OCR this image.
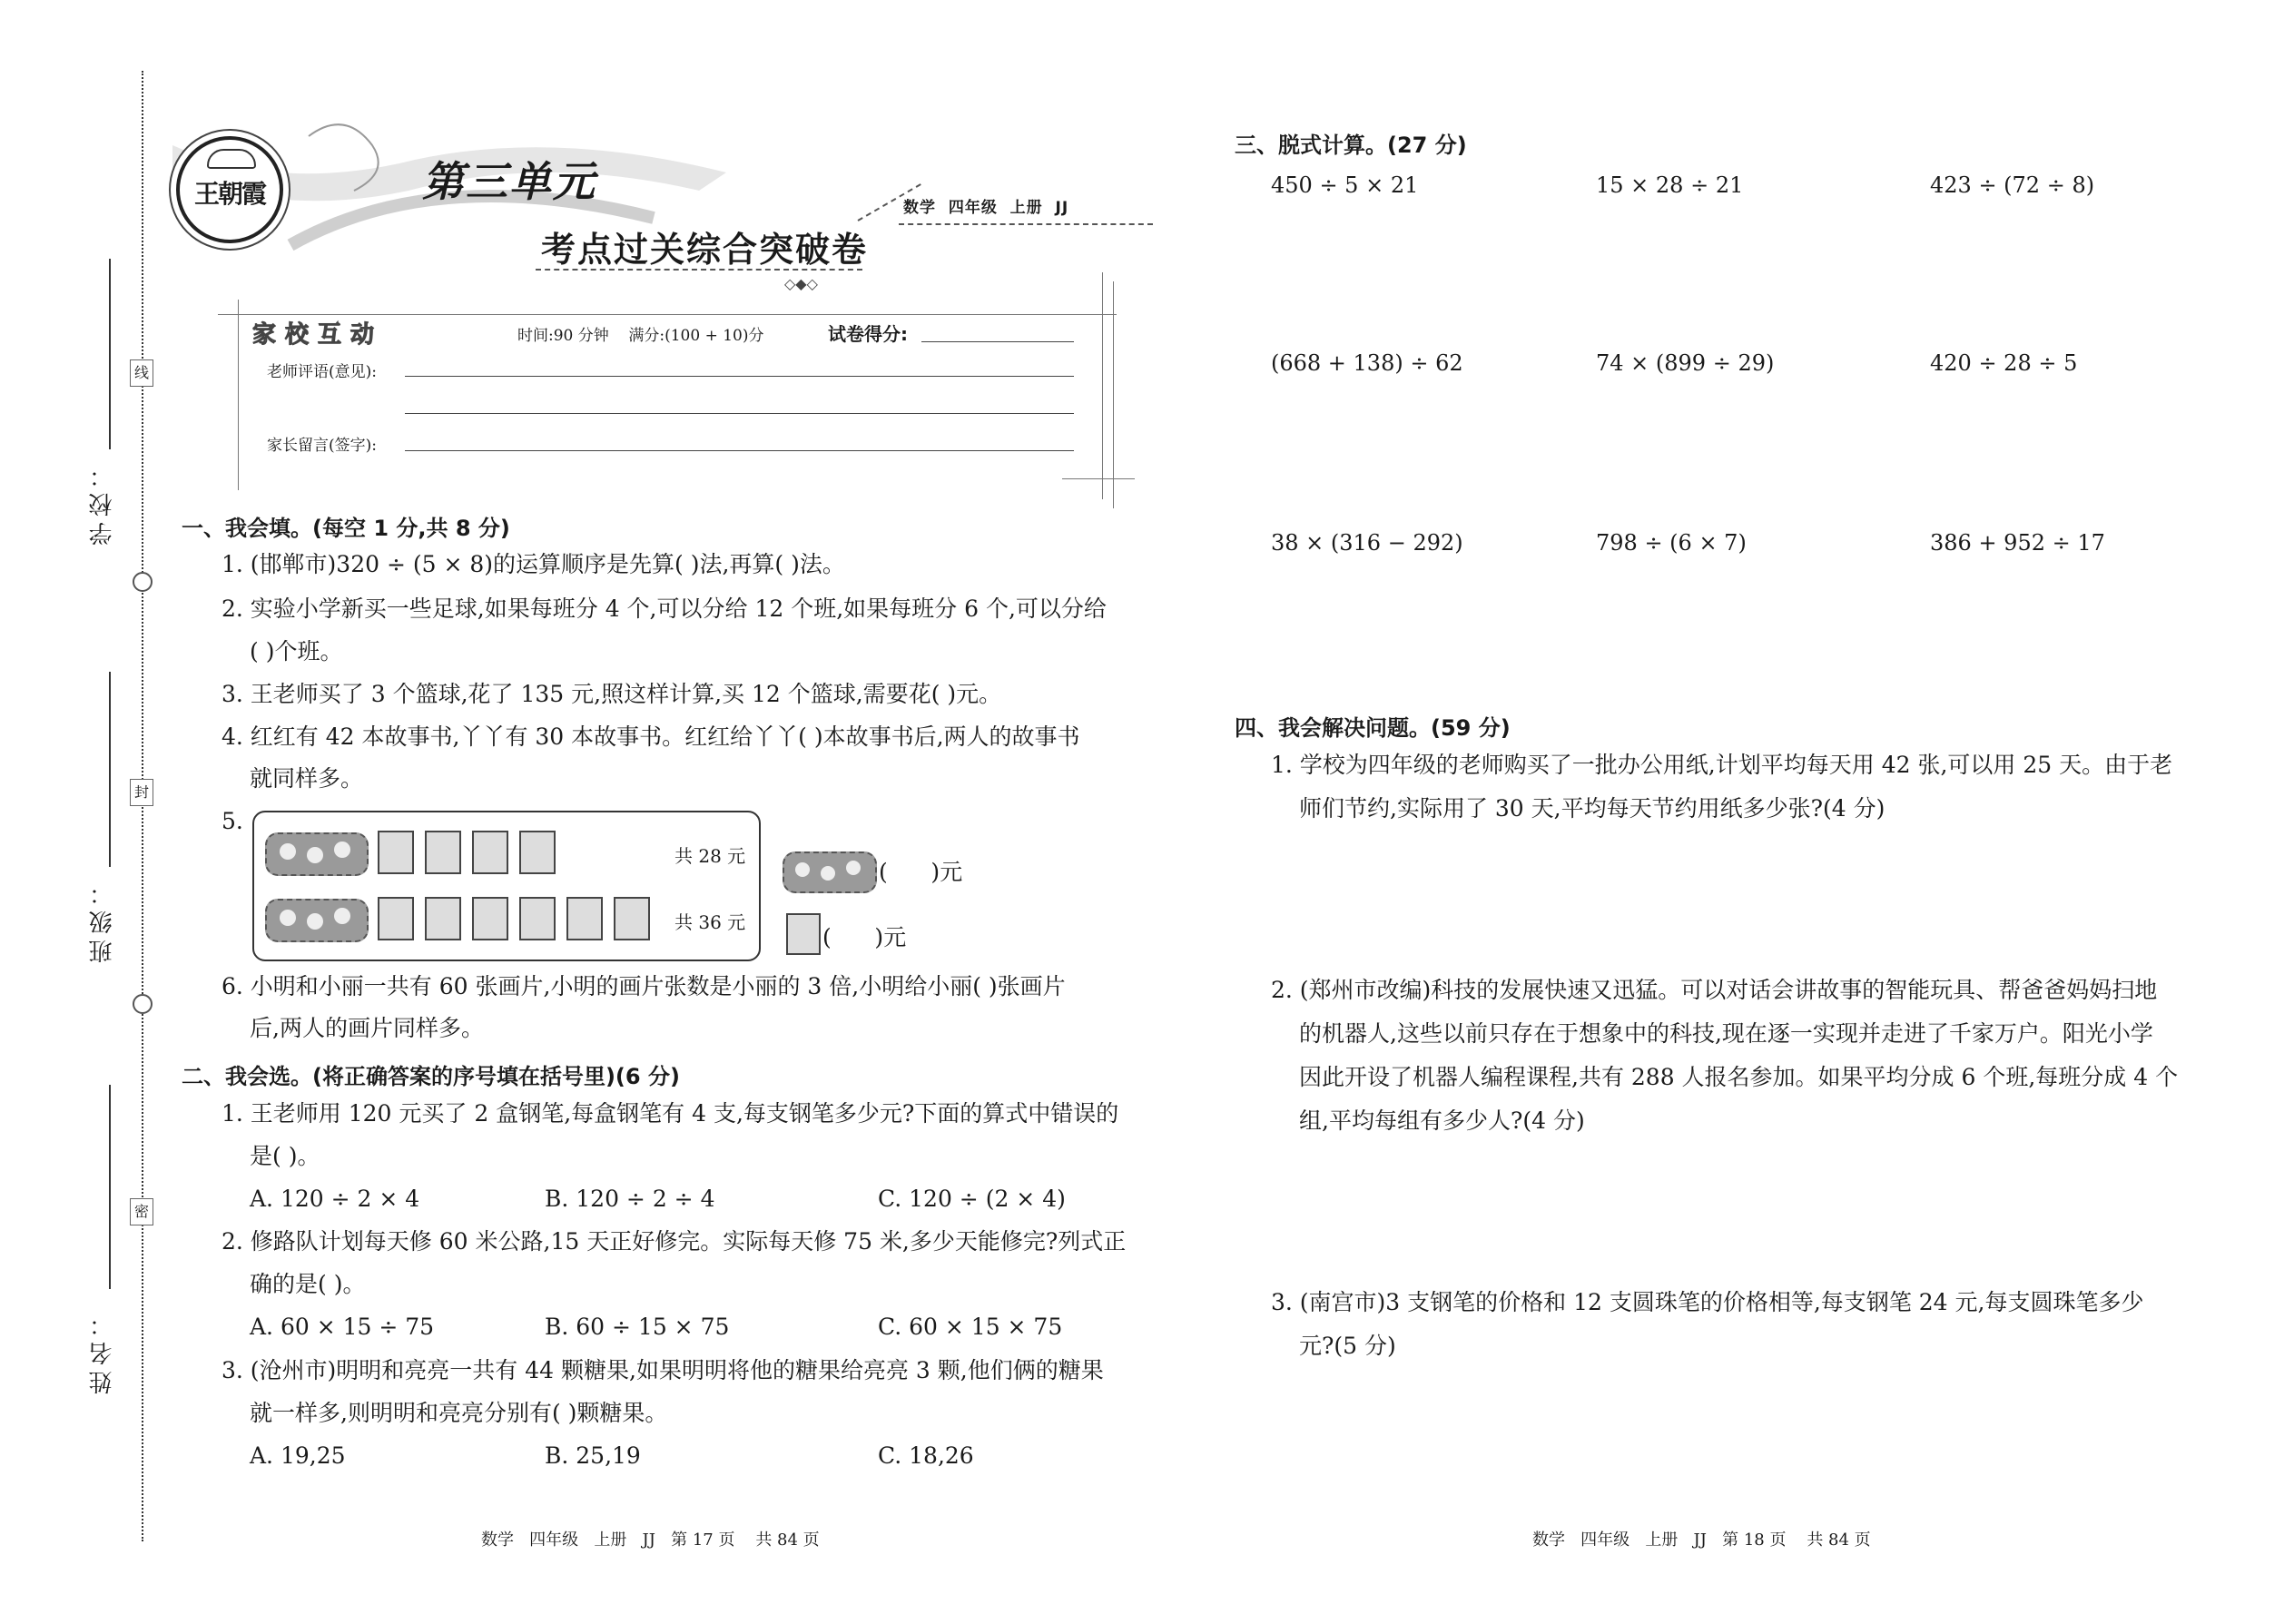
学校：
班级：
姓名：
线
封
密
王朝霞	第三单元
考点过关综合突破卷
数学  四年级  上册  JJ
◇◆◇
家校互动	时间:90 分钟    满分:(100 + 10)分	试卷得分:
老师评语(意见):
家长留言(签字):
一、我会填。(每空 1 分,共 8 分)
1. (邯郸市)320 ÷ (5 × 8)的运算顺序是先算( )法,再算( )法。
2. 实验小学新买一些足球,如果每班分 4 个,可以分给 12 个班,如果每班分 6 个,可以分给
( )个班。
3. 王老师买了 3 个篮球,花了 135 元,照这样计算,买 12 个篮球,需要花( )元。
4. 红红有 42 本故事书,丫丫有 30 本故事书。红红给丫丫( )本故事书后,两人的故事书
就同样多。
5.
共 28 元
共 36 元
(      )元
(      )元
6. 小明和小丽一共有 60 张画片,小明的画片张数是小丽的 3 倍,小明给小丽( )张画片
后,两人的画片同样多。
二、我会选。(将正确答案的序号填在括号里)(6 分)
1. 王老师用 120 元买了 2 盒钢笔,每盒钢笔有 4 支,每支钢笔多少元?下面的算式中错误的
是( )。
A. 120 ÷ 2 × 4	B. 120 ÷ 2 ÷ 4	C. 120 ÷ (2 × 4)
2. 修路队计划每天修 60 米公路,15 天正好修完。实际每天修 75 米,多少天能修完?列式正
确的是( )。
A. 60 × 15 ÷ 75	B. 60 ÷ 15 × 75	C. 60 × 15 × 75
3. (沧州市)明明和亮亮一共有 44 颗糖果,如果明明将他的糖果给亮亮 3 颗,他们俩的糖果
就一样多,则明明和亮亮分别有( )颗糖果。
A. 19,25	B. 25,19	C. 18,26
三、脱式计算。(27 分)
450 ÷ 5 × 21	15 × 28 ÷ 21	423 ÷ (72 ÷ 8)
(668 + 138) ÷ 62	74 × (899 ÷ 29)	420 ÷ 28 ÷ 5
38 × (316 − 292)	798 ÷ (6 × 7)	386 + 952 ÷ 17
四、我会解决问题。(59 分)
1. 学校为四年级的老师购买了一批办公用纸,计划平均每天用 42 张,可以用 25 天。由于老
师们节约,实际用了 30 天,平均每天节约用纸多少张?(4 分)
2. (郑州市改编)科技的发展快速又迅猛。可以对话会讲故事的智能玩具、帮爸爸妈妈扫地
的机器人,这些以前只存在于想象中的科技,现在逐一实现并走进了千家万户。阳光小学
因此开设了机器人编程课程,共有 288 人报名参加。如果平均分成 6 个班,每班分成 4 个
组,平均每组有多少人?(4 分)
3. (南宫市)3 支钢笔的价格和 12 支圆珠笔的价格相等,每支钢笔 24 元,每支圆珠笔多少
元?(5 分)
数学   四年级   上册   JJ   第 17 页    共 84 页	数学   四年级   上册   JJ   第 18 页    共 84 页
